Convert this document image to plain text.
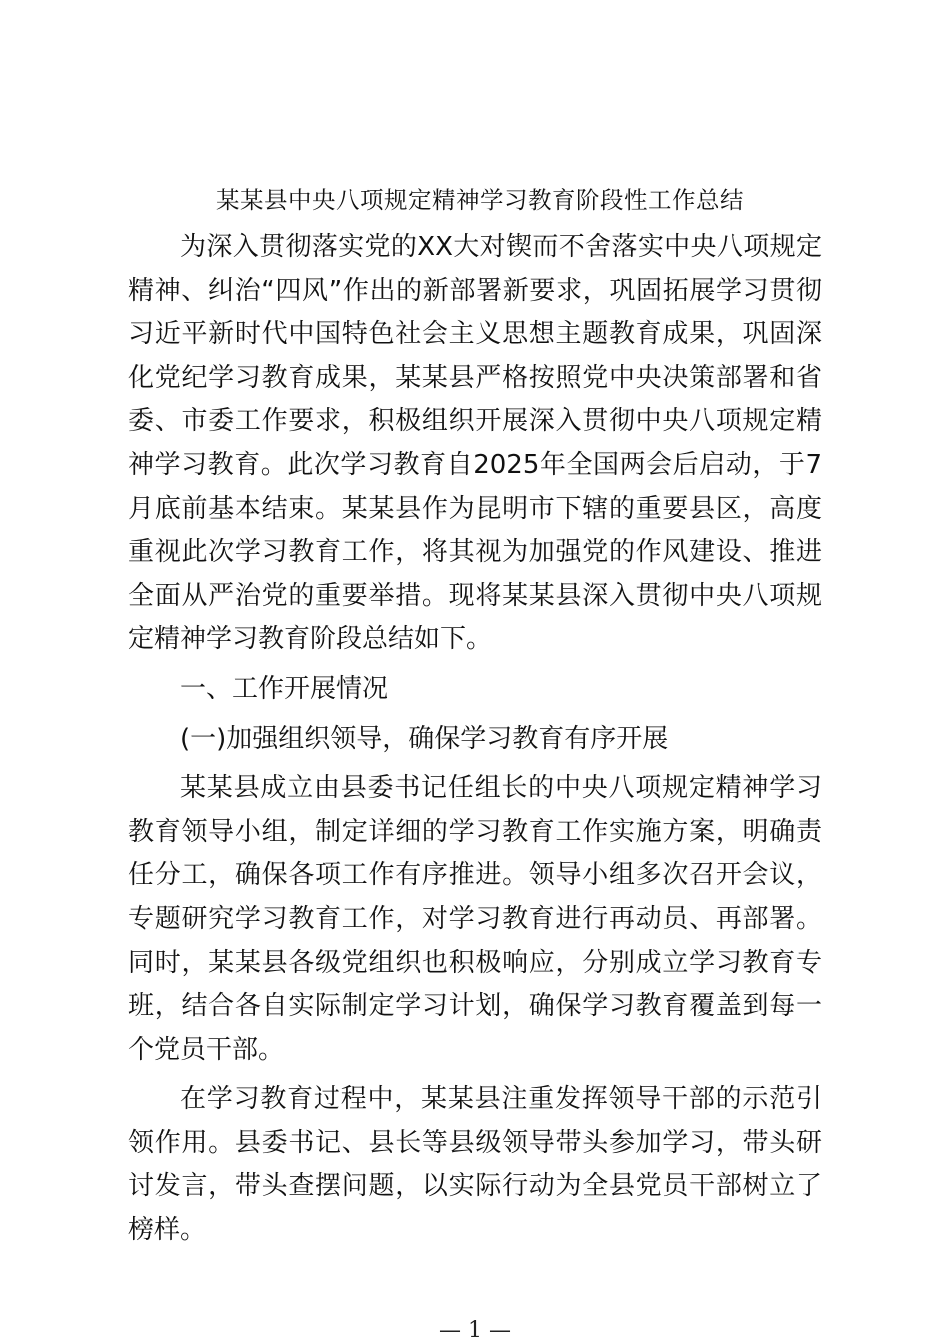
某某县中央八项规定精神学习教育阶段性工作总结

为深入贯彻落实党的XX大对锲而不舍落实中央八项规定精神、纠治“四风”作出的新部署新要求，巩固拓展学习贯彻习近平新时代中国特色社会主义思想主题教育成果，巩固深化党纪学习教育成果，某某县严格按照党中央决策部署和省委、市委工作要求，积极组织开展深入贯彻中央八项规定精神学习教育。此次学习教育自2025年全国两会后启动，于7月底前基本结束。某某县作为昆明市下辖的重要县区，高度重视此次学习教育工作，将其视为加强党的作风建设、推进全面从严治党的重要举措。现将某某县深入贯彻中央八项规定精神学习教育阶段总结如下。

一、工作开展情况

(一)加强组织领导，确保学习教育有序开展

某某县成立由县委书记任组长的中央八项规定精神学习教育领导小组，制定详细的学习教育工作实施方案，明确责任分工，确保各项工作有序推进。领导小组多次召开会议，专题研究学习教育工作，对学习教育进行再动员、再部署。同时，某某县各级党组织也积极响应，分别成立学习教育专班，结合各自实际制定学习计划，确保学习教育覆盖到每一个党员干部。

在学习教育过程中，某某县注重发挥领导干部的示范引领作用。县委书记、县长等县级领导带头参加学习，带头研讨发言，带头查摆问题，以实际行动为全县党员干部树立了榜样。

— 1 —
